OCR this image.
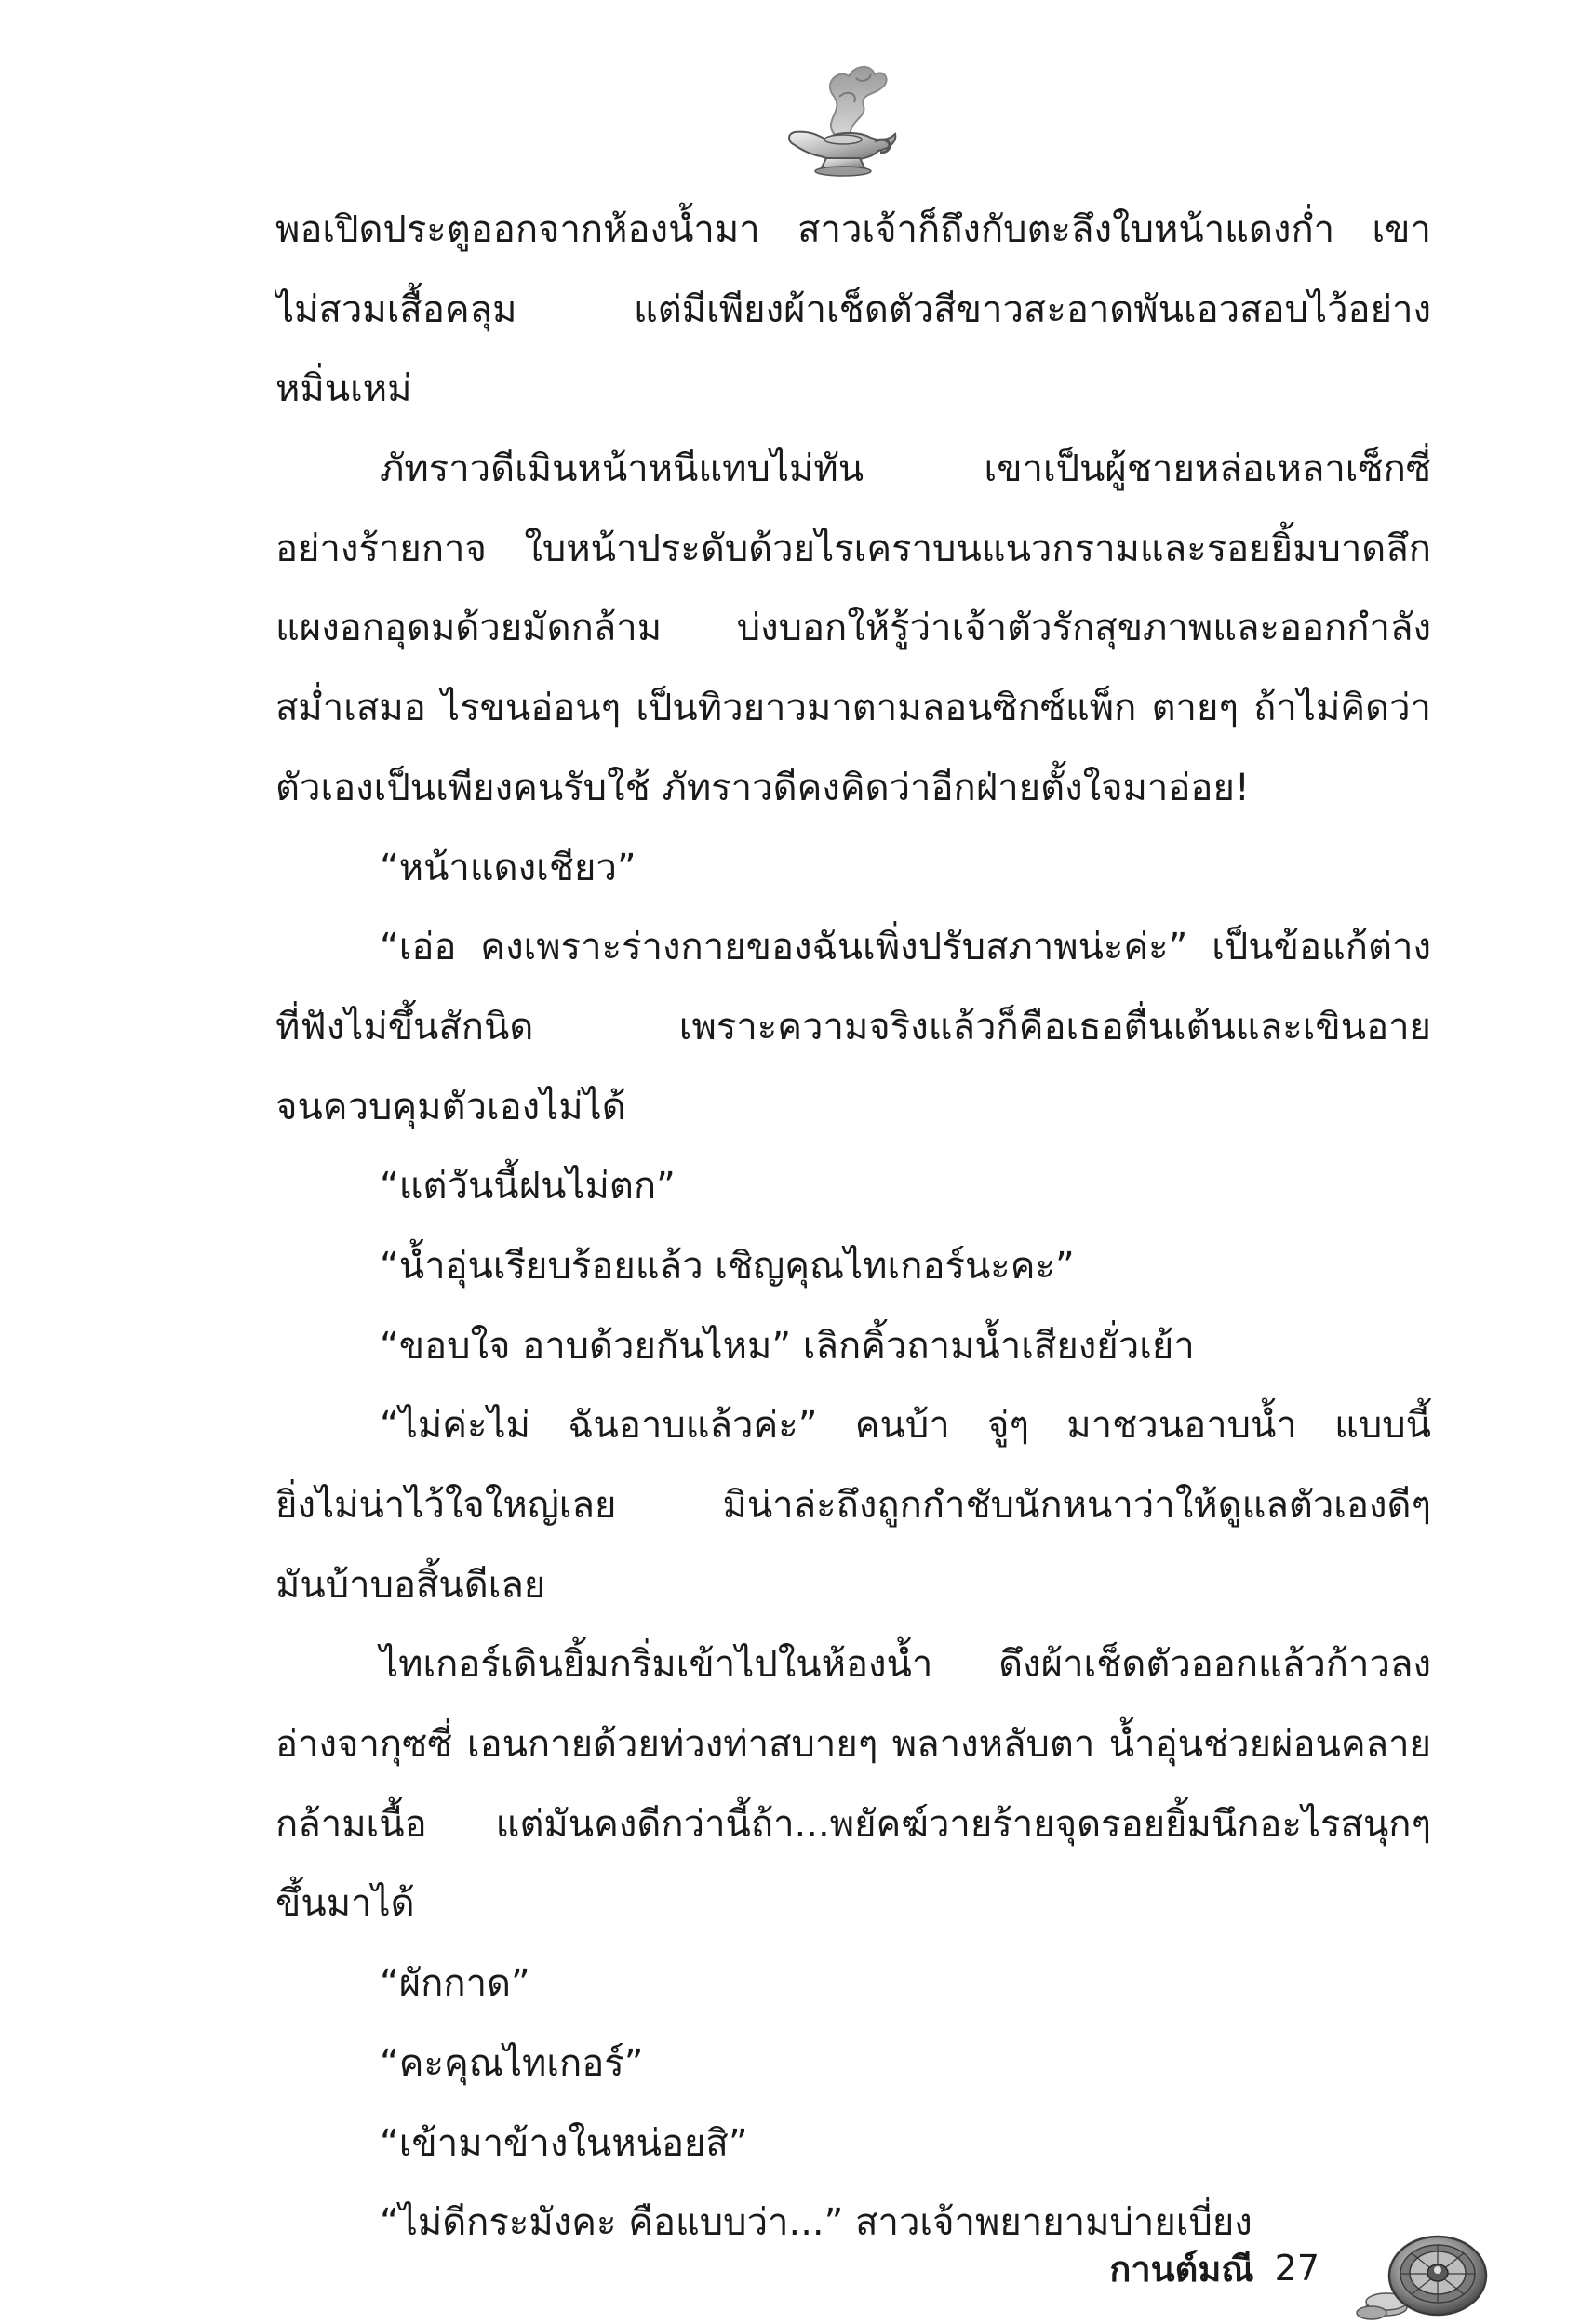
พอเปิดประตูออกจากห้องน้ำมา สาวเจ้าก็ถึงกับตะลึงใบหน้าแดงก่ำ เขา
ไม่สวมเสื้อคลุม แต่มีเพียงผ้าเช็ดตัวสีขาวสะอาดพันเอวสอบไว้อย่าง
หมิ่นเหม่
ภัทราวดีเมินหน้าหนีแทบไม่ทัน เขาเป็นผู้ชายหล่อเหลาเซ็กซี่
อย่างร้ายกาจ ใบหน้าประดับด้วยไรเคราบนแนวกรามและรอยยิ้มบาดลึก
แผงอกอุดมด้วยมัดกล้าม บ่งบอกให้รู้ว่าเจ้าตัวรักสุขภาพและออกกำลัง
สม่ำเสมอ ไรขนอ่อนๆ เป็นทิวยาวมาตามลอนซิกซ์แพ็ก ตายๆ ถ้าไม่คิดว่า
ตัวเองเป็นเพียงคนรับใช้ ภัทราวดีคงคิดว่าอีกฝ่ายตั้งใจมาอ่อย!
“หน้าแดงเชียว”
“เอ่อ คงเพราะร่างกายของฉันเพิ่งปรับสภาพน่ะค่ะ” เป็นข้อแก้ต่าง
ที่ฟังไม่ขึ้นสักนิด เพราะความจริงแล้วก็คือเธอตื่นเต้นและเขินอาย
จนควบคุมตัวเองไม่ได้
“แต่วันนี้ฝนไม่ตก”
“น้ำอุ่นเรียบร้อยแล้ว เชิญคุณไทเกอร์นะคะ”
“ขอบใจ อาบด้วยกันไหม” เลิกคิ้วถามน้ำเสียงยั่วเย้า
“ไม่ค่ะไม่ ฉันอาบแล้วค่ะ” คนบ้า จู่ๆ มาชวนอาบน้ำ แบบนี้
ยิ่งไม่น่าไว้ใจใหญ่เลย มิน่าล่ะถึงถูกกำชับนักหนาว่าให้ดูแลตัวเองดีๆ
มันบ้าบอสิ้นดีเลย
ไทเกอร์เดินยิ้มกริ่มเข้าไปในห้องน้ำ ดึงผ้าเช็ดตัวออกแล้วก้าวลง
อ่างจากุซซี่ เอนกายด้วยท่วงท่าสบายๆ พลางหลับตา น้ำอุ่นช่วยผ่อนคลาย
กล้ามเนื้อ แต่มันคงดีกว่านี้ถ้า...พยัคฆ์วายร้ายจุดรอยยิ้มนึกอะไรสนุกๆ
ขึ้นมาได้
“ผักกาด”
“คะคุณไทเกอร์”
“เข้ามาข้างในหน่อยสิ”
“ไม่ดีกระมังคะ คือแบบว่า...” สาวเจ้าพยายามบ่ายเบี่ยง
กานต์มณี 27
